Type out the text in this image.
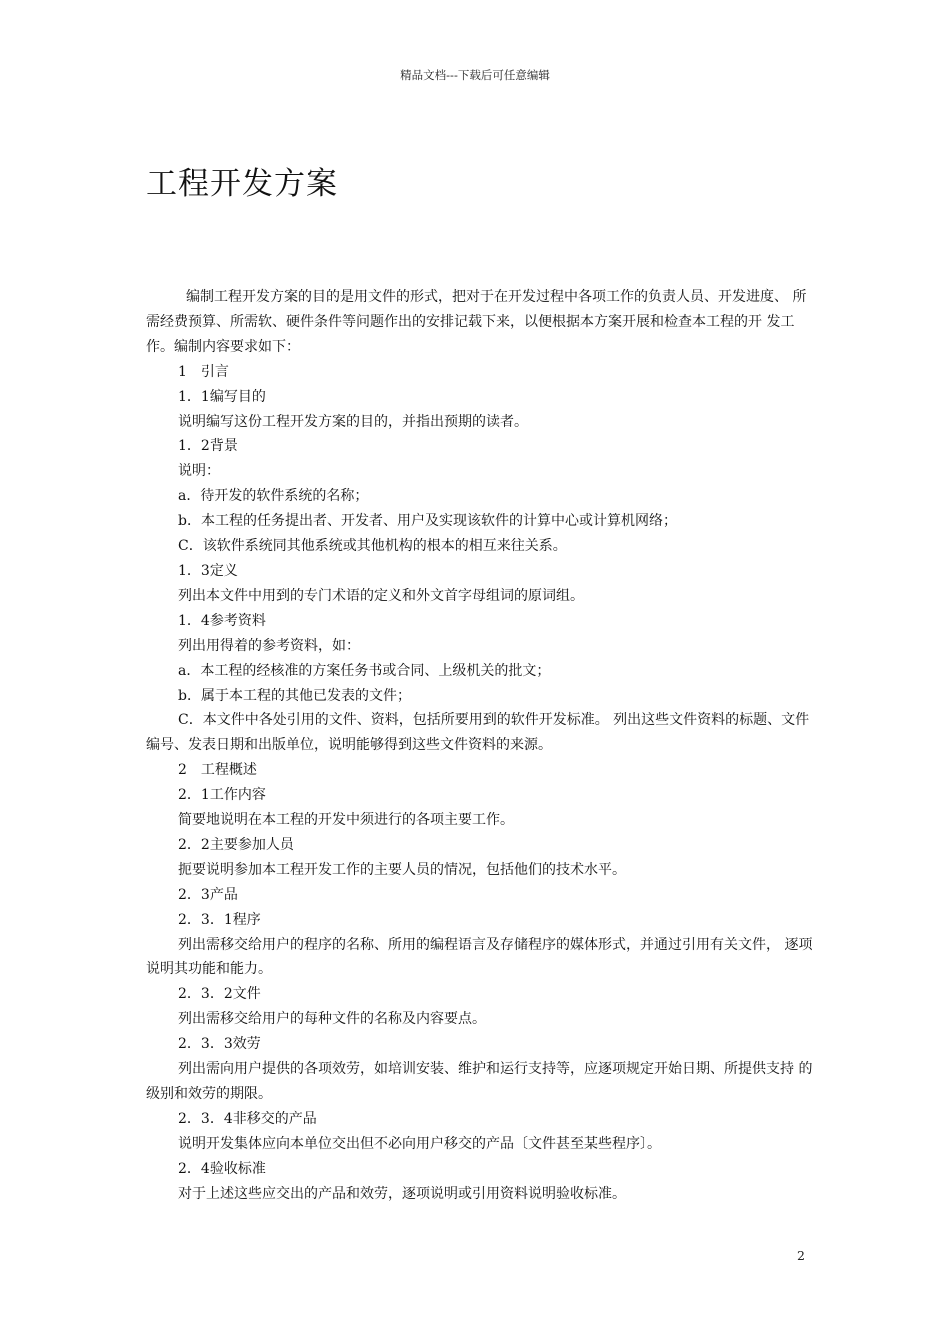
精品文档---下载后可任意编辑
工程开发方案

编制工程开发方案的目的是用文件的形式，把对于在开发过程中各项工作的负责人员、开发进度、 所需经费预算、所需软、硬件条件等问题作出的安排记载下来，以便根据本方案开展和检查本工程的开 发工作。编制内容要求如下：

1　引言

1．1编写目的

说明编写这份工程开发方案的目的，并指出预期的读者。

1．2背景

说明：

a．待开发的软件系统的名称；

b．本工程的任务提出者、开发者、用户及实现该软件的计算中心或计算机网络；

C．该软件系统同其他系统或其他机构的根本的相互来往关系。

1．3定义

列出本文件中用到的专门术语的定义和外文首字母组词的原词组。

1．4参考资料

列出用得着的参考资料，如：

a．本工程的经核准的方案任务书或合同、上级机关的批文；

b．属于本工程的其他已发表的文件；

C．本文件中各处引用的文件、资料，包括所要用到的软件开发标准。 列出这些文件资料的标题、文件编号、发表日期和出版单位，说明能够得到这些文件资料的来源。

2　工程概述

2．1工作内容

简要地说明在本工程的开发中须进行的各项主要工作。

2．2主要参加人员

扼要说明参加本工程开发工作的主要人员的情况，包括他们的技术水平。

2．3产品

2．3．1程序

列出需移交给用户的程序的名称、所用的编程语言及存储程序的媒体形式，并通过引用有关文件， 逐项说明其功能和能力。

2．3．2文件

列出需移交给用户的每种文件的名称及内容要点。

2．3．3效劳

列出需向用户提供的各项效劳，如培训安装、维护和运行支持等，应逐项规定开始日期、所提供支持 的级别和效劳的期限。

2．3．4非移交的产品

说明开发集体应向本单位交出但不必向用户移交的产品〔文件甚至某些程序〕。

2．4验收标准

对于上述这些应交出的产品和效劳，逐项说明或引用资料说明验收标准。

2
